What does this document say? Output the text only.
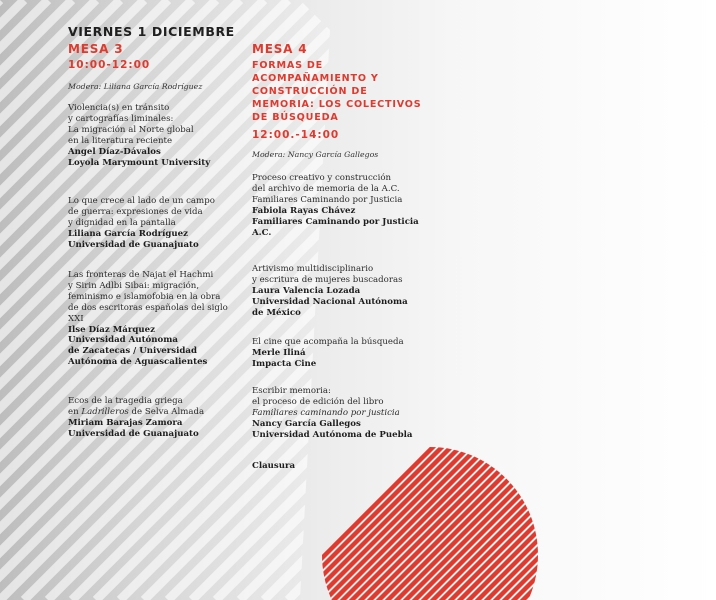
VIERNES 1 DICIEMBRE
MESA 3
10:00-12:00
Modera: Liliana García Rodríguez
Violencia(s) en tránsito
y cartografías liminales:
La migración al Norte global
en la literatura reciente
Angel Díaz-Dávalos
Loyola Marymount University
Lo que crece al lado de un campo
de guerra: expresiones de vida
y dignidad en la pantalla
Liliana García Rodríguez
Universidad de Guanajuato
Las fronteras de Najat el Hachmi
y Sirin Adlbi Sibai: migración,
feminismo e islamofobia en la obra
de dos escritoras españolas del siglo
XXI
Ilse Díaz Márquez
Universidad Autónoma
de Zacatecas / Universidad
Autónoma de Aguascalientes
Ecos de la tragedia griega
en Ladrilleros de Selva Almada
Miriam Barajas Zamora
Universidad de Guanajuato
MESA 4
FORMAS DE
ACOMPAÑAMIENTO Y
CONSTRUCCIÓN DE
MEMORIA: LOS COLECTIVOS
DE BÚSQUEDA
12:00.-14:00
Modera: Nancy García Gallegos
Proceso creativo y construcción
del archivo de memoria de la A.C.
Familiares Caminando por Justicia
Fabiola Rayas Chávez
Familiares Caminando por Justicia
A.C.
Artivismo multidisciplinario
y escritura de mujeres buscadoras
Laura Valencia Lozada
Universidad Nacional Autónoma
de México
El cine que acompaña la búsqueda
Merle Iliná
Impacta Cine
Escribir memoria:
el proceso de edición del libro
Familiares caminando por justicia
Nancy García Gallegos
Universidad Autónoma de Puebla
Clausura
